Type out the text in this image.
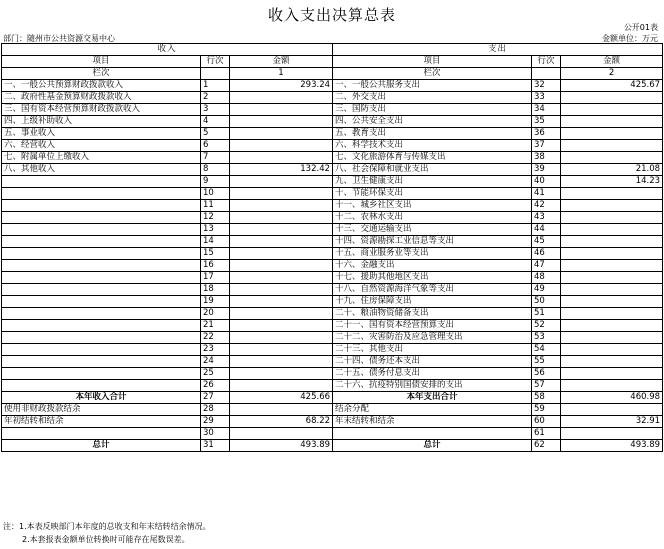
收入支出决算总表
公开01表
部门：随州市公共资源交易中心	金额单位：万元
收入			支出		
项目	行次	金额	项目	行次	金额
栏次		1	栏次		2
一、一般公共预算财政拨款收入	1	293.24	一、一般公共服务支出	32	425.67
二、政府性基金预算财政拨款收入	2		二、外交支出	33	
三、国有资本经营预算财政拨款收入	3		三、国防支出	34	
四、上级补助收入	4		四、公共安全支出	35	
五、事业收入	5		五、教育支出	36	
六、经营收入	6		六、科学技术支出	37	
七、附属单位上缴收入	7		七、文化旅游体育与传媒支出	38	
八、其他收入	8	132.42	八、社会保障和就业支出	39	21.08
	9		九、卫生健康支出	40	14.23
	10		十、节能环保支出	41	
	11		十一、城乡社区支出	42	
	12		十二、农林水支出	43	
	13		十三、交通运输支出	44	
	14		十四、资源勘探工业信息等支出	45	
	15		十五、商业服务业等支出	46	
	16		十六、金融支出	47	
	17		十七、援助其他地区支出	48	
	18		十八、自然资源海洋气象等支出	49	
	19		十九、住房保障支出	50	
	20		二十、粮油物资储备支出	51	
	21		二十一、国有资本经营预算支出	52	
	22		二十二、灾害防治及应急管理支出	53	
	23		二十三、其他支出	54	
	24		二十四、债务还本支出	55	
	25		二十五、债务付息支出	56	
	26		二十六、抗疫特别国债安排的支出	57	
本年收入合计	27	425.66	本年支出合计	58	460.98
使用非财政拨款结余	28		结余分配	59	
年初结转和结余	29	68.22	年末结转和结余	60	32.91
	30			61	
总计	31	493.89	总计	62	493.89
注：1.本表反映部门本年度的总收支和年末结转结余情况。
2.本套报表金额单位转换时可能存在尾数误差。
